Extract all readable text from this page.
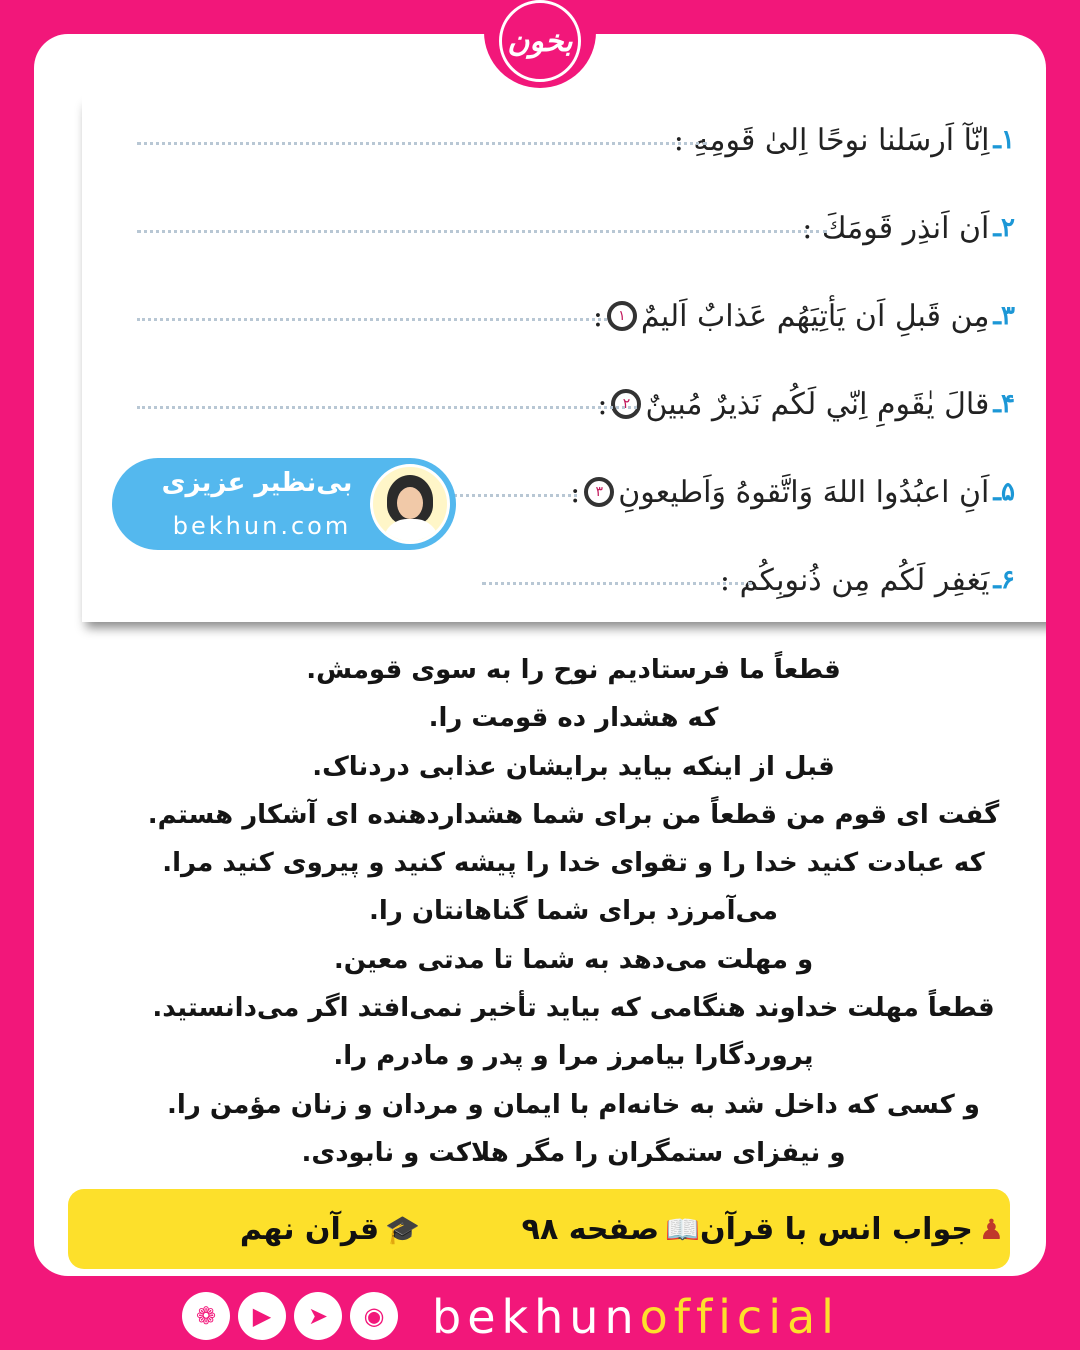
۱ـ
اِنّآ اَرسَلنا نوحًا اِلیٰ قَومِهِ :
۲ـ
اَن اَنذِر قَومَكَ :
۳ـ
مِن قَبلِ اَن يَأتِيَهُم عَذابٌ اَليمٌ
١
:
۴ـ
قالَ يٰقَومِ اِنّي لَكُم نَذيرٌ مُبينٌ
٢
:
۵ـ
اَنِ اعبُدُوا اللهَ وَاتَّقوهُ وَاَطيعونِ
٣
:
۶ـ
يَغفِر لَكُم مِن ذُنوبِكُم :
قطعاً ما فرستادیم نوح را به سوی قومش.
که هشدار ده قومت را.
قبل از اینکه بیاید برایشان عذابی دردناک.
گفت ای قوم من قطعاً من برای شما هشداردهنده ای آشکار هستم.
که عبادت کنید خدا را و تقوای خدا را پیشه کنید و پیروی کنید مرا.
می‌آمرزد برای شما گناهانتان را.
و مهلت می‌دهد به شما تا مدتی معین.
قطعاً مهلت خداوند هنگامی که بیاید تأخیر نمی‌افتد اگر می‌دانستید.
پروردگارا بیامرز مرا و پدر و مادرم را.
و کسی که داخل شد به خانه‌ام با ایمان و مردان و زنان مؤمن را.
و نیفزای ستمگران را مگر هلاکت و نابودی.
بخون
بی‌نظیر عزیزی
bekhun.com
♟
جواب انس با قرآن
📖
صفحه ۹۸
🎓
قرآن نهم
❁	▶	➤	◉ bekhunofficial
